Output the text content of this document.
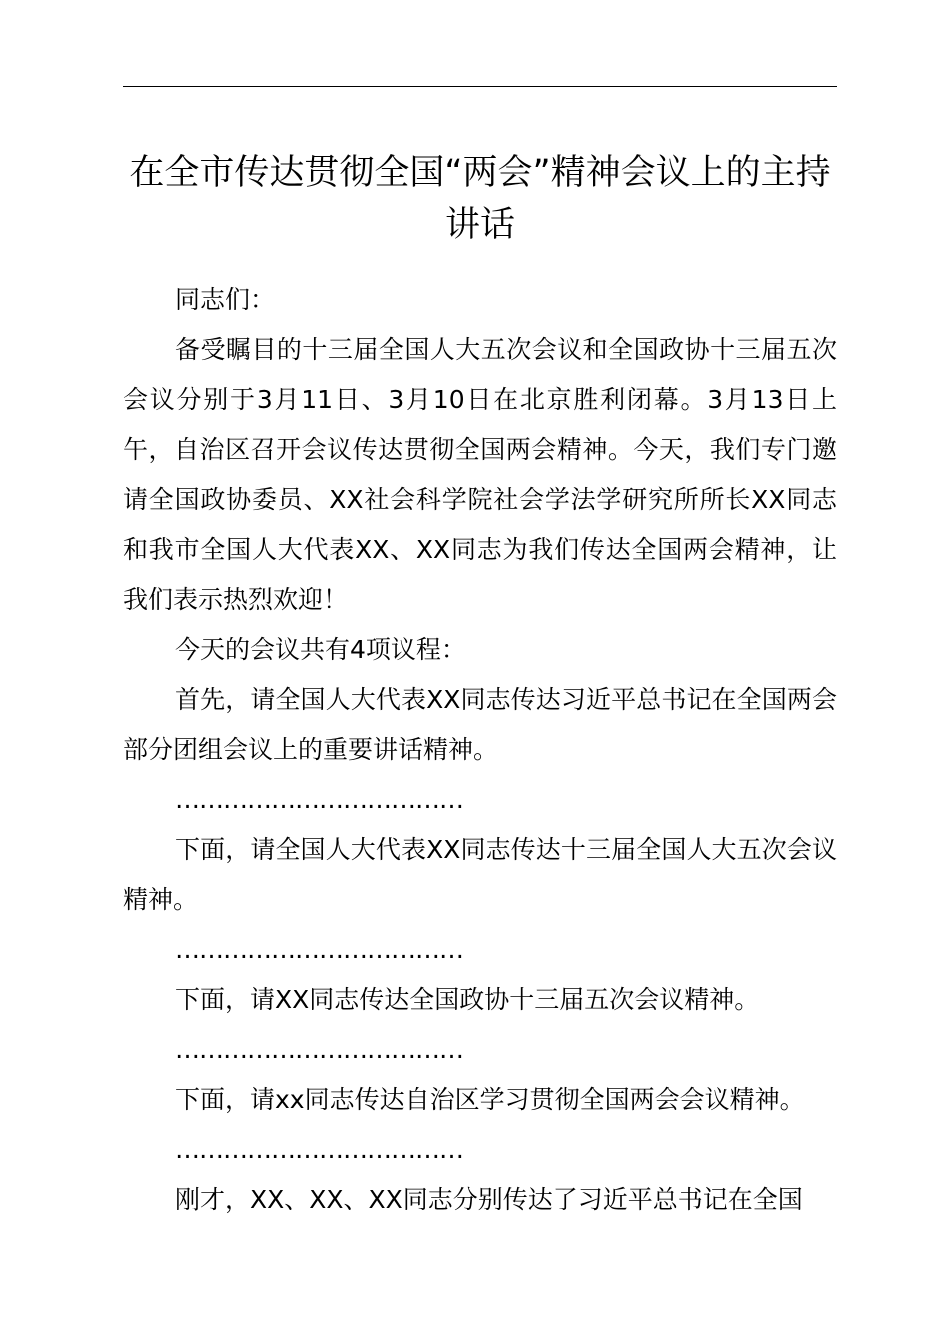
在全市传达贯彻全国“两会”精神会议上的主持讲话

同志们：

备受瞩目的十三届全国人大五次会议和全国政协十三届五次会议分别于3月11日、3月10日在北京胜利闭幕。3月13日上午，自治区召开会议传达贯彻全国两会精神。今天，我们专门邀请全国政协委员、XX社会科学院社会学法学研究所所长XX同志和我市全国人大代表XX、XX同志为我们传达全国两会精神，让我们表示热烈欢迎！

今天的会议共有4项议程：

首先，请全国人大代表XX同志传达习近平总书记在全国两会部分团组会议上的重要讲话精神。

………………………………

下面，请全国人大代表XX同志传达十三届全国人大五次会议精神。

………………………………

下面，请XX同志传达全国政协十三届五次会议精神。

………………………………

下面，请xx同志传达自治区学习贯彻全国两会会议精神。

………………………………

刚才，XX、XX、XX同志分别传达了习近平总书记在全国
